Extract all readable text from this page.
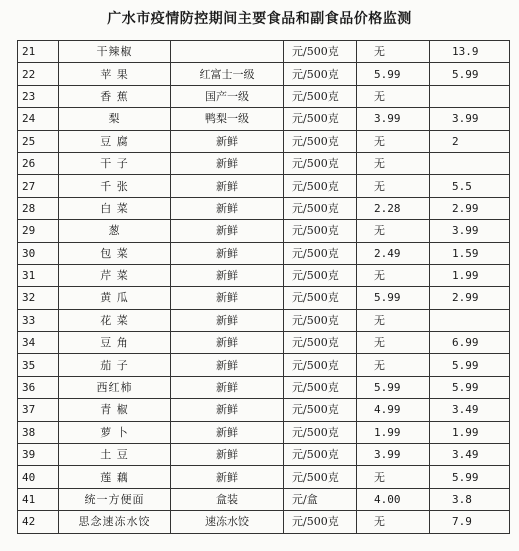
广水市疫情防控期间主要食品和副食品价格监测
21	干辣椒		元/500克	无	13.9
22	苹 果	红富士一级	元/500克	5.99	5.99
23	香 蕉	国产一级	元/500克	无	
24	梨	鸭梨一级	元/500克	3.99	3.99
25	豆 腐	新鲜	元/500克	无	2
26	干 子	新鲜	元/500克	无	
27	千 张	新鲜	元/500克	无	5.5
28	白 菜	新鲜	元/500克	2.28	2.99
29	葱	新鲜	元/500克	无	3.99
30	包 菜	新鲜	元/500克	2.49	1.59
31	芹 菜	新鲜	元/500克	无	1.99
32	黄 瓜	新鲜	元/500克	5.99	2.99
33	花 菜	新鲜	元/500克	无	
34	豆 角	新鲜	元/500克	无	6.99
35	茄 子	新鲜	元/500克	无	5.99
36	西红柿	新鲜	元/500克	5.99	5.99
37	青 椒	新鲜	元/500克	4.99	3.49
38	萝 卜	新鲜	元/500克	1.99	1.99
39	土 豆	新鲜	元/500克	3.99	3.49
40	莲 藕	新鲜	元/500克	无	5.99
41	统一方便面	盒装	元/盒	4.00	3.8
42	思念速冻水饺	速冻水饺	元/500克	无	7.9
